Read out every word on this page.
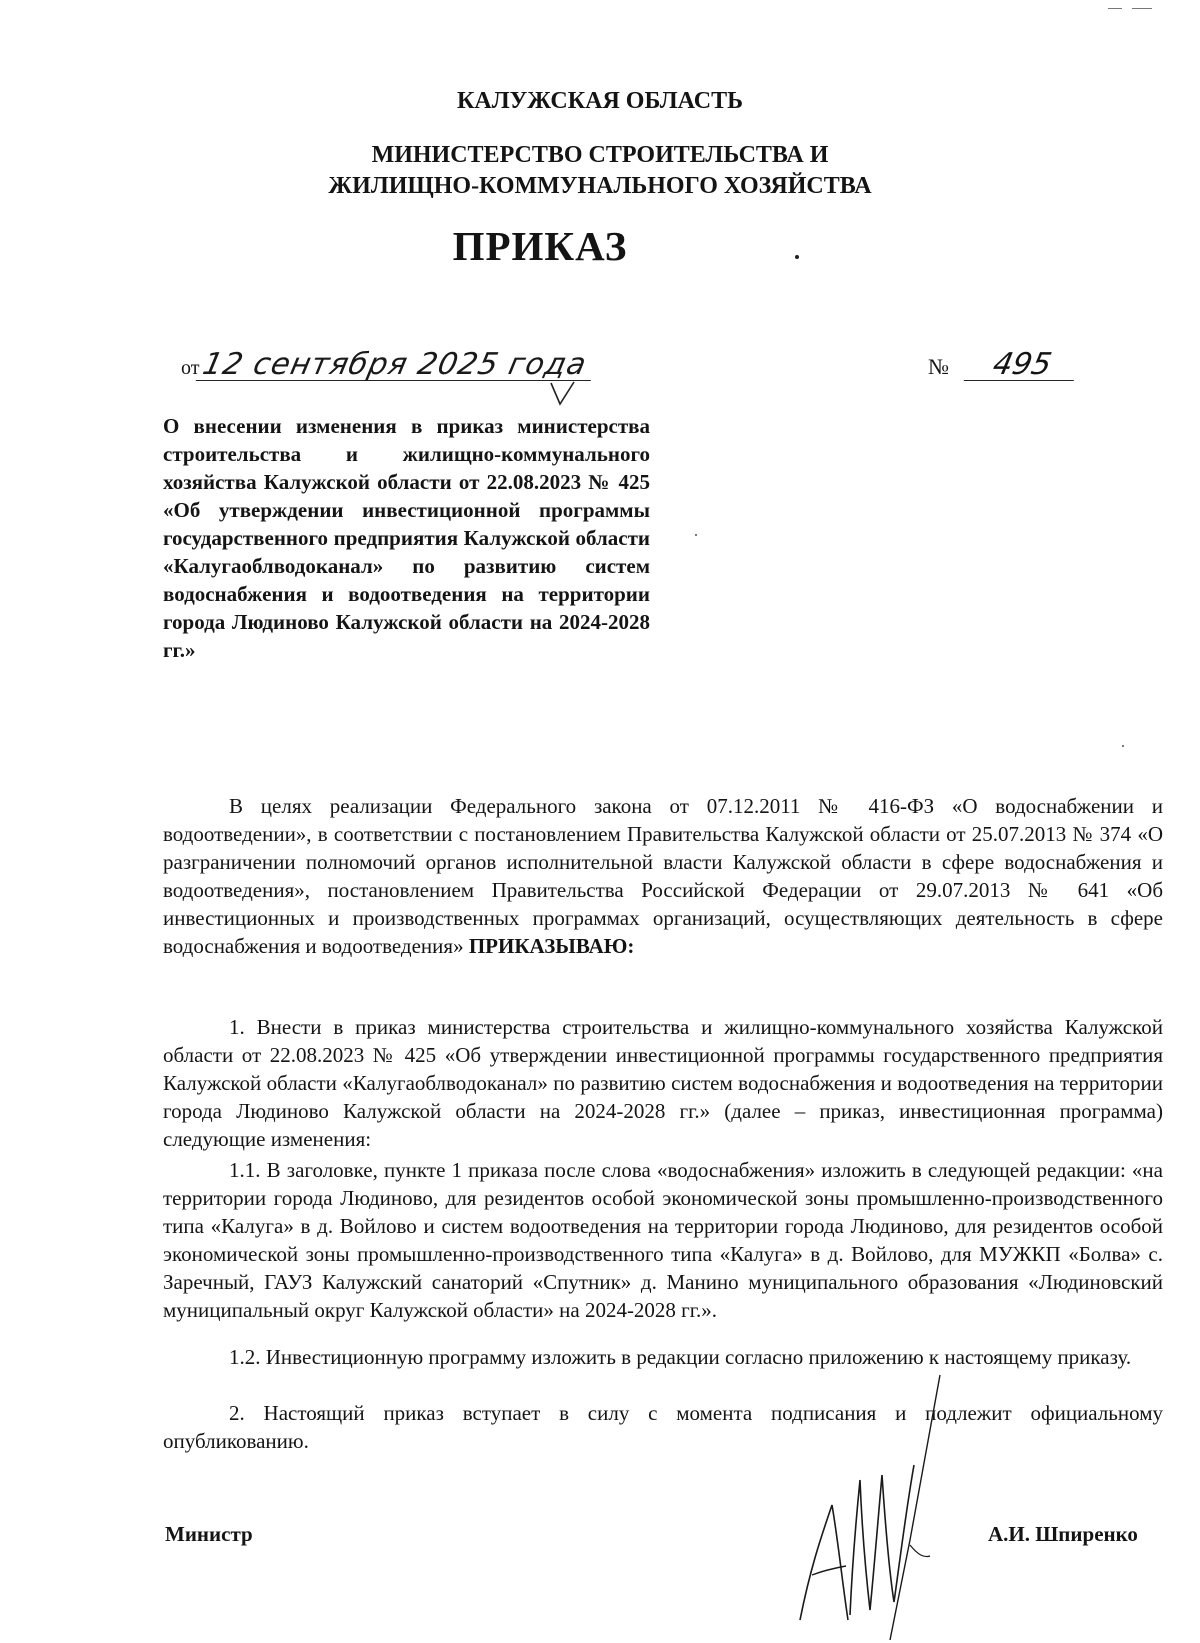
КАЛУЖСКАЯ ОБЛАСТЬ
МИНИСТЕРСТВО СТРОИТЕЛЬСТВА И
ЖИЛИЩНО-КОММУНАЛЬНОГО ХОЗЯЙСТВА
ПРИКАЗ
от12 сентября 2025 года	№ 495
О внесении изменения в приказ министерства строительства и жилищно-коммунального хозяйства Калужской области от 22.08.2023 № 425 «Об утверждении инвестиционной программы государственного предприятия Калужской области «Калугаоблводоканал» по развитию систем водоснабжения и водоотведения на территории города Людиново Калужской области на 2024-2028 гг.»
В целях реализации Федерального закона от 07.12.2011 № 416-ФЗ «О водоснабжении и водоотведении», в соответствии с постановлением Правительства Калужской области от 25.07.2013 № 374 «О разграничении полномочий органов исполнительной власти Калужской области в сфере водоснабжения и водоотведения», постановлением Правительства Российской Федерации от 29.07.2013 № 641 «Об инвестиционных и производственных программах организаций, осуществляющих деятельность в сфере водоснабжения и водоотведения» ПРИКАЗЫВАЮ:
1. Внести в приказ министерства строительства и жилищно-коммунального хозяйства Калужской области от 22.08.2023 № 425 «Об утверждении инвестиционной программы государственного предприятия Калужской области «Калугаоблводоканал» по развитию систем водоснабжения и водоотведения на территории города Людиново Калужской области на 2024-2028 гг.» (далее – приказ, инвестиционная программа) следующие изменения:
1.1. В заголовке, пункте 1 приказа после слова «водоснабжения» изложить в следующей редакции: «на территории города Людиново, для резидентов особой экономической зоны промышленно-производственного типа «Калуга» в д. Войлово и систем водоотведения на территории города Людиново, для резидентов особой экономической зоны промышленно-производственного типа «Калуга» в д. Войлово, для МУЖКП «Болва» с. Заречный, ГАУЗ Калужский санаторий «Спутник» д. Манино муниципального образования «Людиновский муниципальный округ Калужской области» на 2024-2028 гг.».
1.2. Инвестиционную программу изложить в редакции согласно приложению к настоящему приказу.
2. Настоящий приказ вступает в силу с момента подписания и подлежит официальному опубликованию.
Министр	А.И. Шпиренко
